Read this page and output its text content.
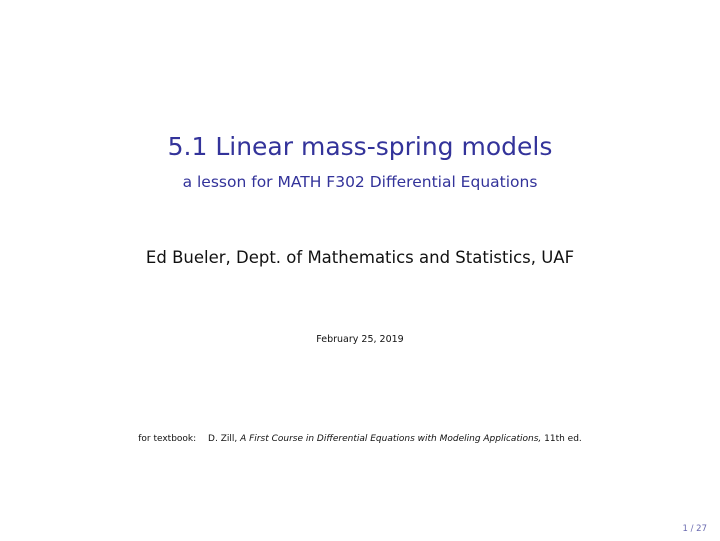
5.1 Linear mass-spring models
a lesson for MATH F302 Differential Equations
Ed Bueler, Dept. of Mathematics and Statistics, UAF
February 25, 2019
for textbook: D. Zill, A First Course in Differential Equations with Modeling Applications, 11th ed.
1 / 27
